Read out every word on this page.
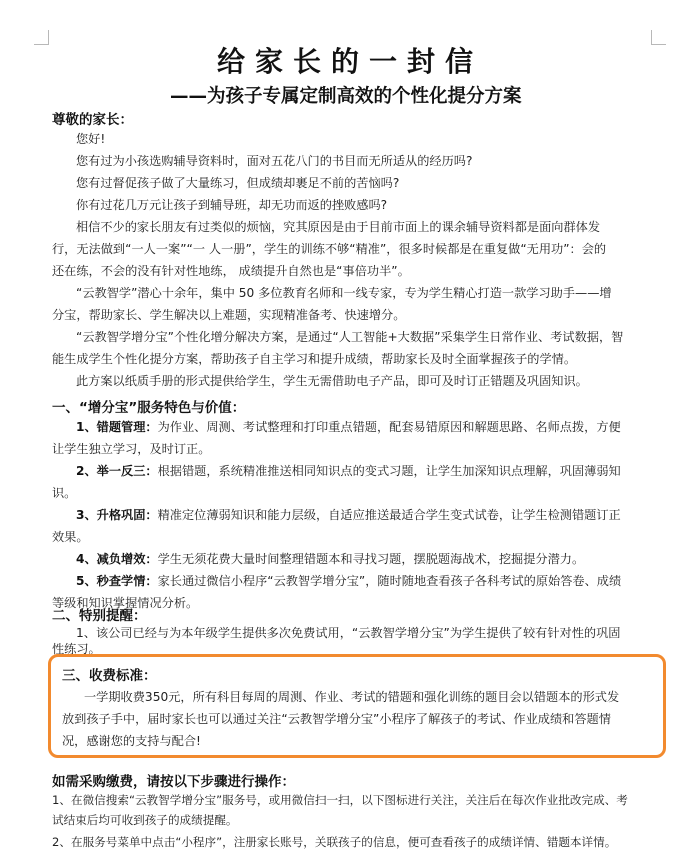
给家长的一封信
——为孩子专属定制高效的个性化提分方案
尊敬的家长：
您好!
您有过为小孩选购辅导资料时，面对五花八门的书目而无所适从的经历吗?
您有过督促孩子做了大量练习，但成绩却裹足不前的苦恼吗?
你有过花几万元让孩子到辅导班，却无功而返的挫败感吗?
相信不少的家长朋友有过类似的烦恼，究其原因是由于目前市面上的课余辅导资料都是面向群体发
行，无法做到“一人一案”“一 人一册”，学生的训练不够“精准”，很多时候都是在重复做“无用功”：会的
还在练，不会的没有针对性地练， 成绩提升自然也是“事倍功半”。
“云教智学”潜心十余年，集中 50 多位教育名师和一线专家，专为学生精心打造一款学习助手——增
分宝，帮助家长、学生解决以上难题，实现精准备考、快速增分。
“云教智学增分宝”个性化增分解决方案，是通过“人工智能+大数据”采集学生日常作业、考试数据，智
能生成学生个性化提分方案，帮助孩子自主学习和提升成绩，帮助家长及时全面掌握孩子的学情。
此方案以纸质手册的形式提供给学生，学生无需借助电子产品，即可及时订正错题及巩固知识。
一、“增分宝”服务特色与价值：
1、错题管理：为作业、周测、考试整理和打印重点错题，配套易错原因和解题思路、名师点拨，方便
让学生独立学习，及时订正。
2、举一反三：根据错题，系统精准推送相同知识点的变式习题，让学生加深知识点理解，巩固薄弱知
识。
3、升格巩固：精准定位薄弱知识和能力层级，自适应推送最适合学生变式试卷，让学生检测错题订正
效果。
4、减负增效：学生无须花费大量时间整理错题本和寻找习题，摆脱题海战术，挖掘提分潜力。
5、秒查学情：家长通过微信小程序“云教智学增分宝”，随时随地查看孩子各科考试的原始答卷、成绩
等级和知识掌握情况分析。
二、特别提醒：
1、该公司已经与为本年级学生提供多次免费试用，“云教智学增分宝”为学生提供了较有针对性的巩固
性练习。
三、收费标准：
一学期收费350元，所有科目每周的周测、作业、考试的错题和强化训练的题目会以错题本的形式发
放到孩子手中，届时家长也可以通过关注“云教智学增分宝”小程序了解孩子的考试、作业成绩和答题情
况，感谢您的支持与配合!
如需采购缴费，请按以下步骤进行操作：
1、在微信搜索“云教智学增分宝”服务号，或用微信扫一扫，以下图标进行关注，关注后在每次作业批改完成、考
试结束后均可收到孩子的成绩提醒。
2、在服务号菜单中点击“小程序”，注册家长账号，关联孩子的信息，便可查看孩子的成绩详情、错题本详情。
